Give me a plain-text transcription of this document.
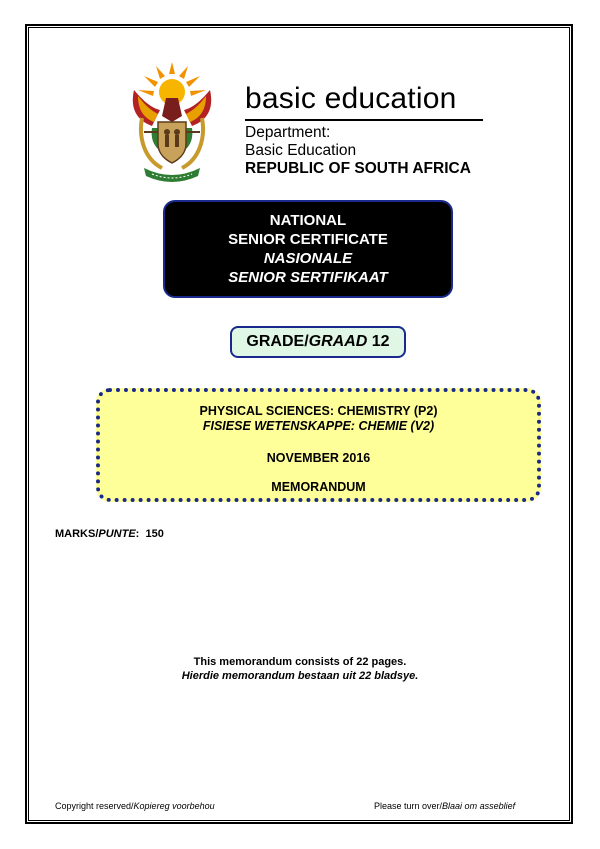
basic education
Department:
Basic Education
REPUBLIC OF SOUTH AFRICA
NATIONAL
SENIOR CERTIFICATE
NASIONALE
SENIOR SERTIFIKAAT
GRADE/GRAAD 12
PHYSICAL SCIENCES: CHEMISTRY (P2)
FISIESE WETENSKAPPE: CHEMIE (V2)
NOVEMBER 2016
MEMORANDUM
MARKS/PUNTE:  150
This memorandum consists of 22 pages.
Hierdie memorandum bestaan uit 22 bladsye.
Copyright reserved/Kopiereg voorbehou	Please turn over/Blaai om asseblief
